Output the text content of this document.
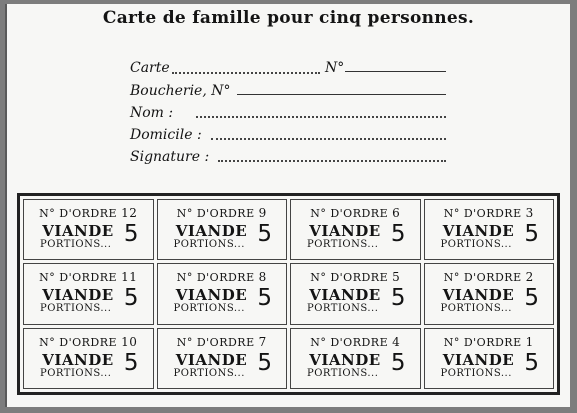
Carte de famille pour cinq personnes.
Carte	N°
Boucherie, N°
Nom :
Domicile :
Signature :
N° D'ORDRE 12
VIANDE
PORTIONS... 5
N° D'ORDRE 9
VIANDE
PORTIONS... 5
N° D'ORDRE 6
VIANDE
PORTIONS... 5
N° D'ORDRE 3
VIANDE
PORTIONS... 5
N° D'ORDRE 11
VIANDE
PORTIONS... 5
N° D'ORDRE 8
VIANDE
PORTIONS... 5
N° D'ORDRE 5
VIANDE
PORTIONS... 5
N° D'ORDRE 2
VIANDE
PORTIONS... 5
N° D'ORDRE 10
VIANDE
PORTIONS... 5
N° D'ORDRE 7
VIANDE
PORTIONS... 5
N° D'ORDRE 4
VIANDE
PORTIONS... 5
N° D'ORDRE 1
VIANDE
PORTIONS... 5
